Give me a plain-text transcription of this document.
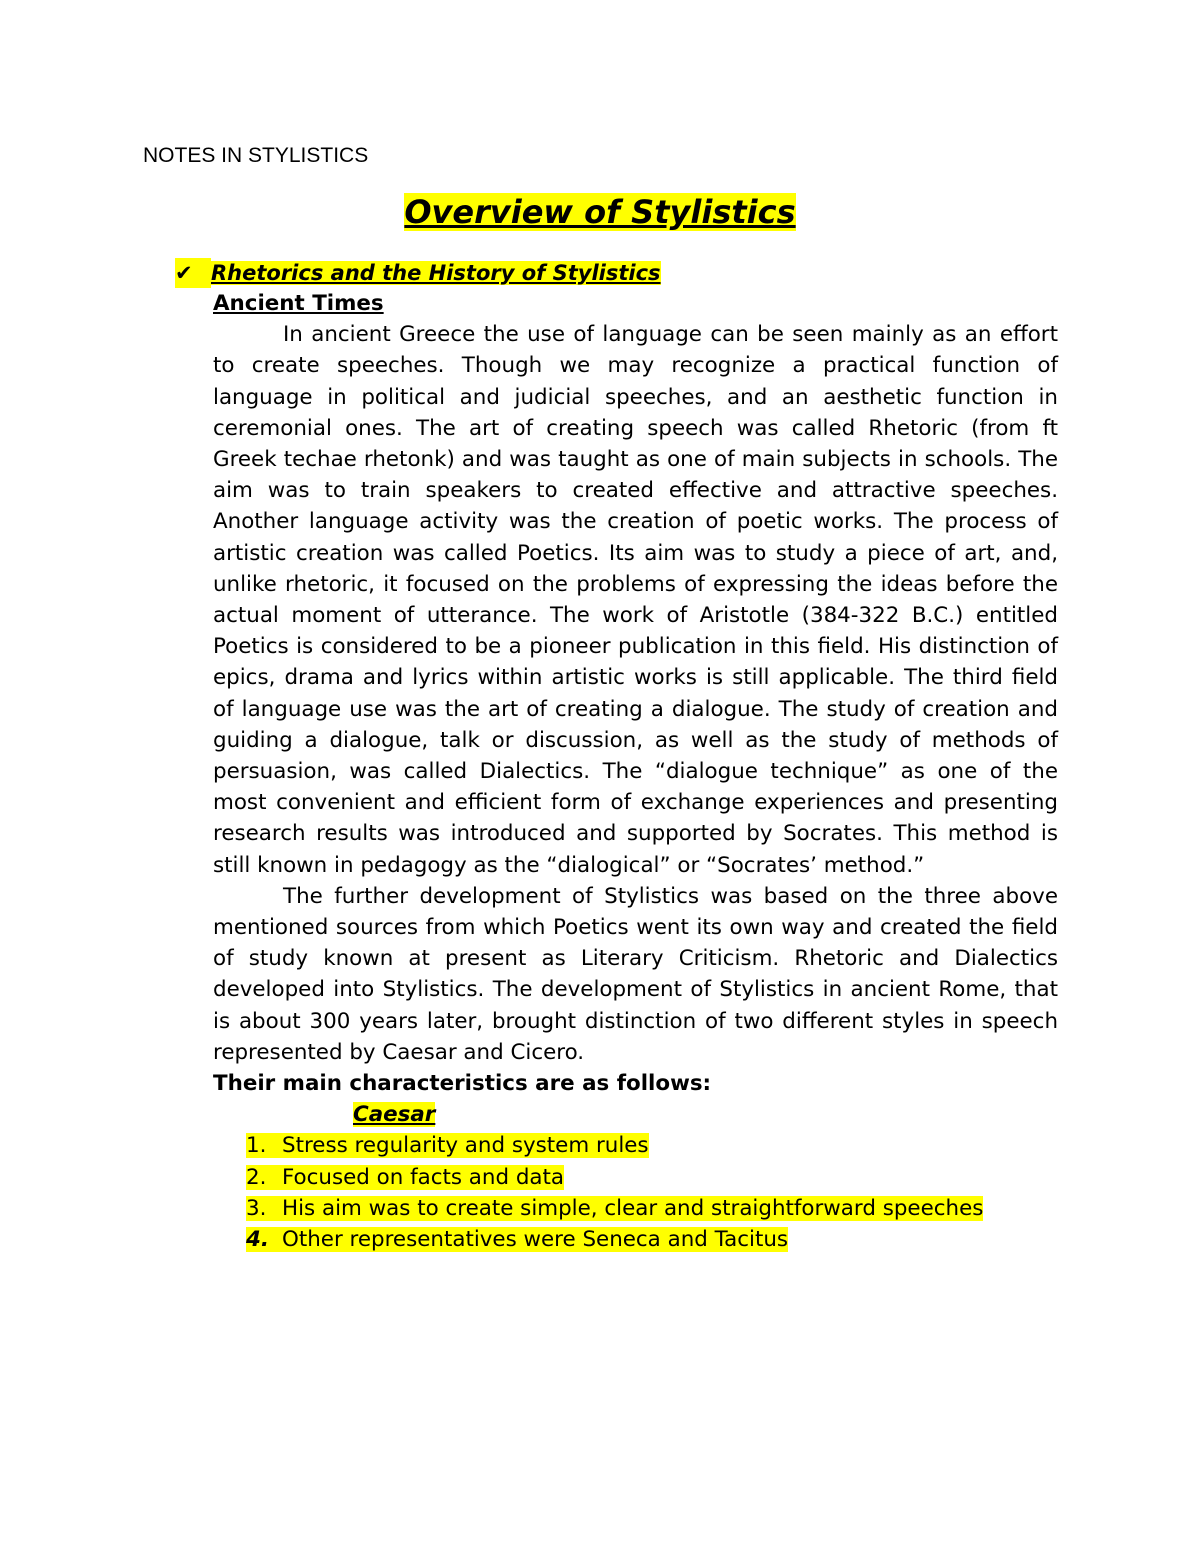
NOTES IN STYLISTICS
Overview of Stylistics
✔ Rhetorics and the History of Stylistics

Ancient Times

In ancient Greece the use of language can be seen mainly as an effort to create speeches. Though we may recognize a practical function of language in political and judicial speeches, and an aesthetic function in ceremonial ones. The art of creating speech was called Rhetoric (from ft Greek techae rhetonk) and was taught as one of main subjects in schools. The aim was to train speakers to created effective and attractive speeches. Another language activity was the creation of poetic works. The process of artistic creation was called Poetics. Its aim was to study a piece of art, and, unlike rhetoric, it focused on the problems of expressing the ideas before the actual moment of utterance. The work of Aristotle (384-322 B.C.) entitled Poetics is considered to be a pioneer publication in this field. His distinction of epics, drama and lyrics within artistic works is still applicable. The third field of language use was the art of creating a dialogue. The study of creation and guiding a dialogue, talk or discussion, as well as the study of methods of persuasion, was called Dialectics. The “dialogue technique” as one of the most convenient and efficient form of exchange experiences and presenting research results was introduced and supported by Socrates. This method is still known in pedagogy as the “dialogical” or “Socrates’ method.”

The further development of Stylistics was based on the three above mentioned sources from which Poetics went its own way and created the field of study known at present as Literary Criticism. Rhetoric and Dialectics developed into Stylistics. The development of Stylistics in ancient Rome, that is about 300 years later, brought distinction of two different styles in speech represented by Caesar and Cicero.

Their main characteristics are as follows:

Caesar

1. Stress regularity and system rules
2. Focused on facts and data
3. His aim was to create simple, clear and straightforward speeches
4. Other representatives were Seneca and Tacitus
